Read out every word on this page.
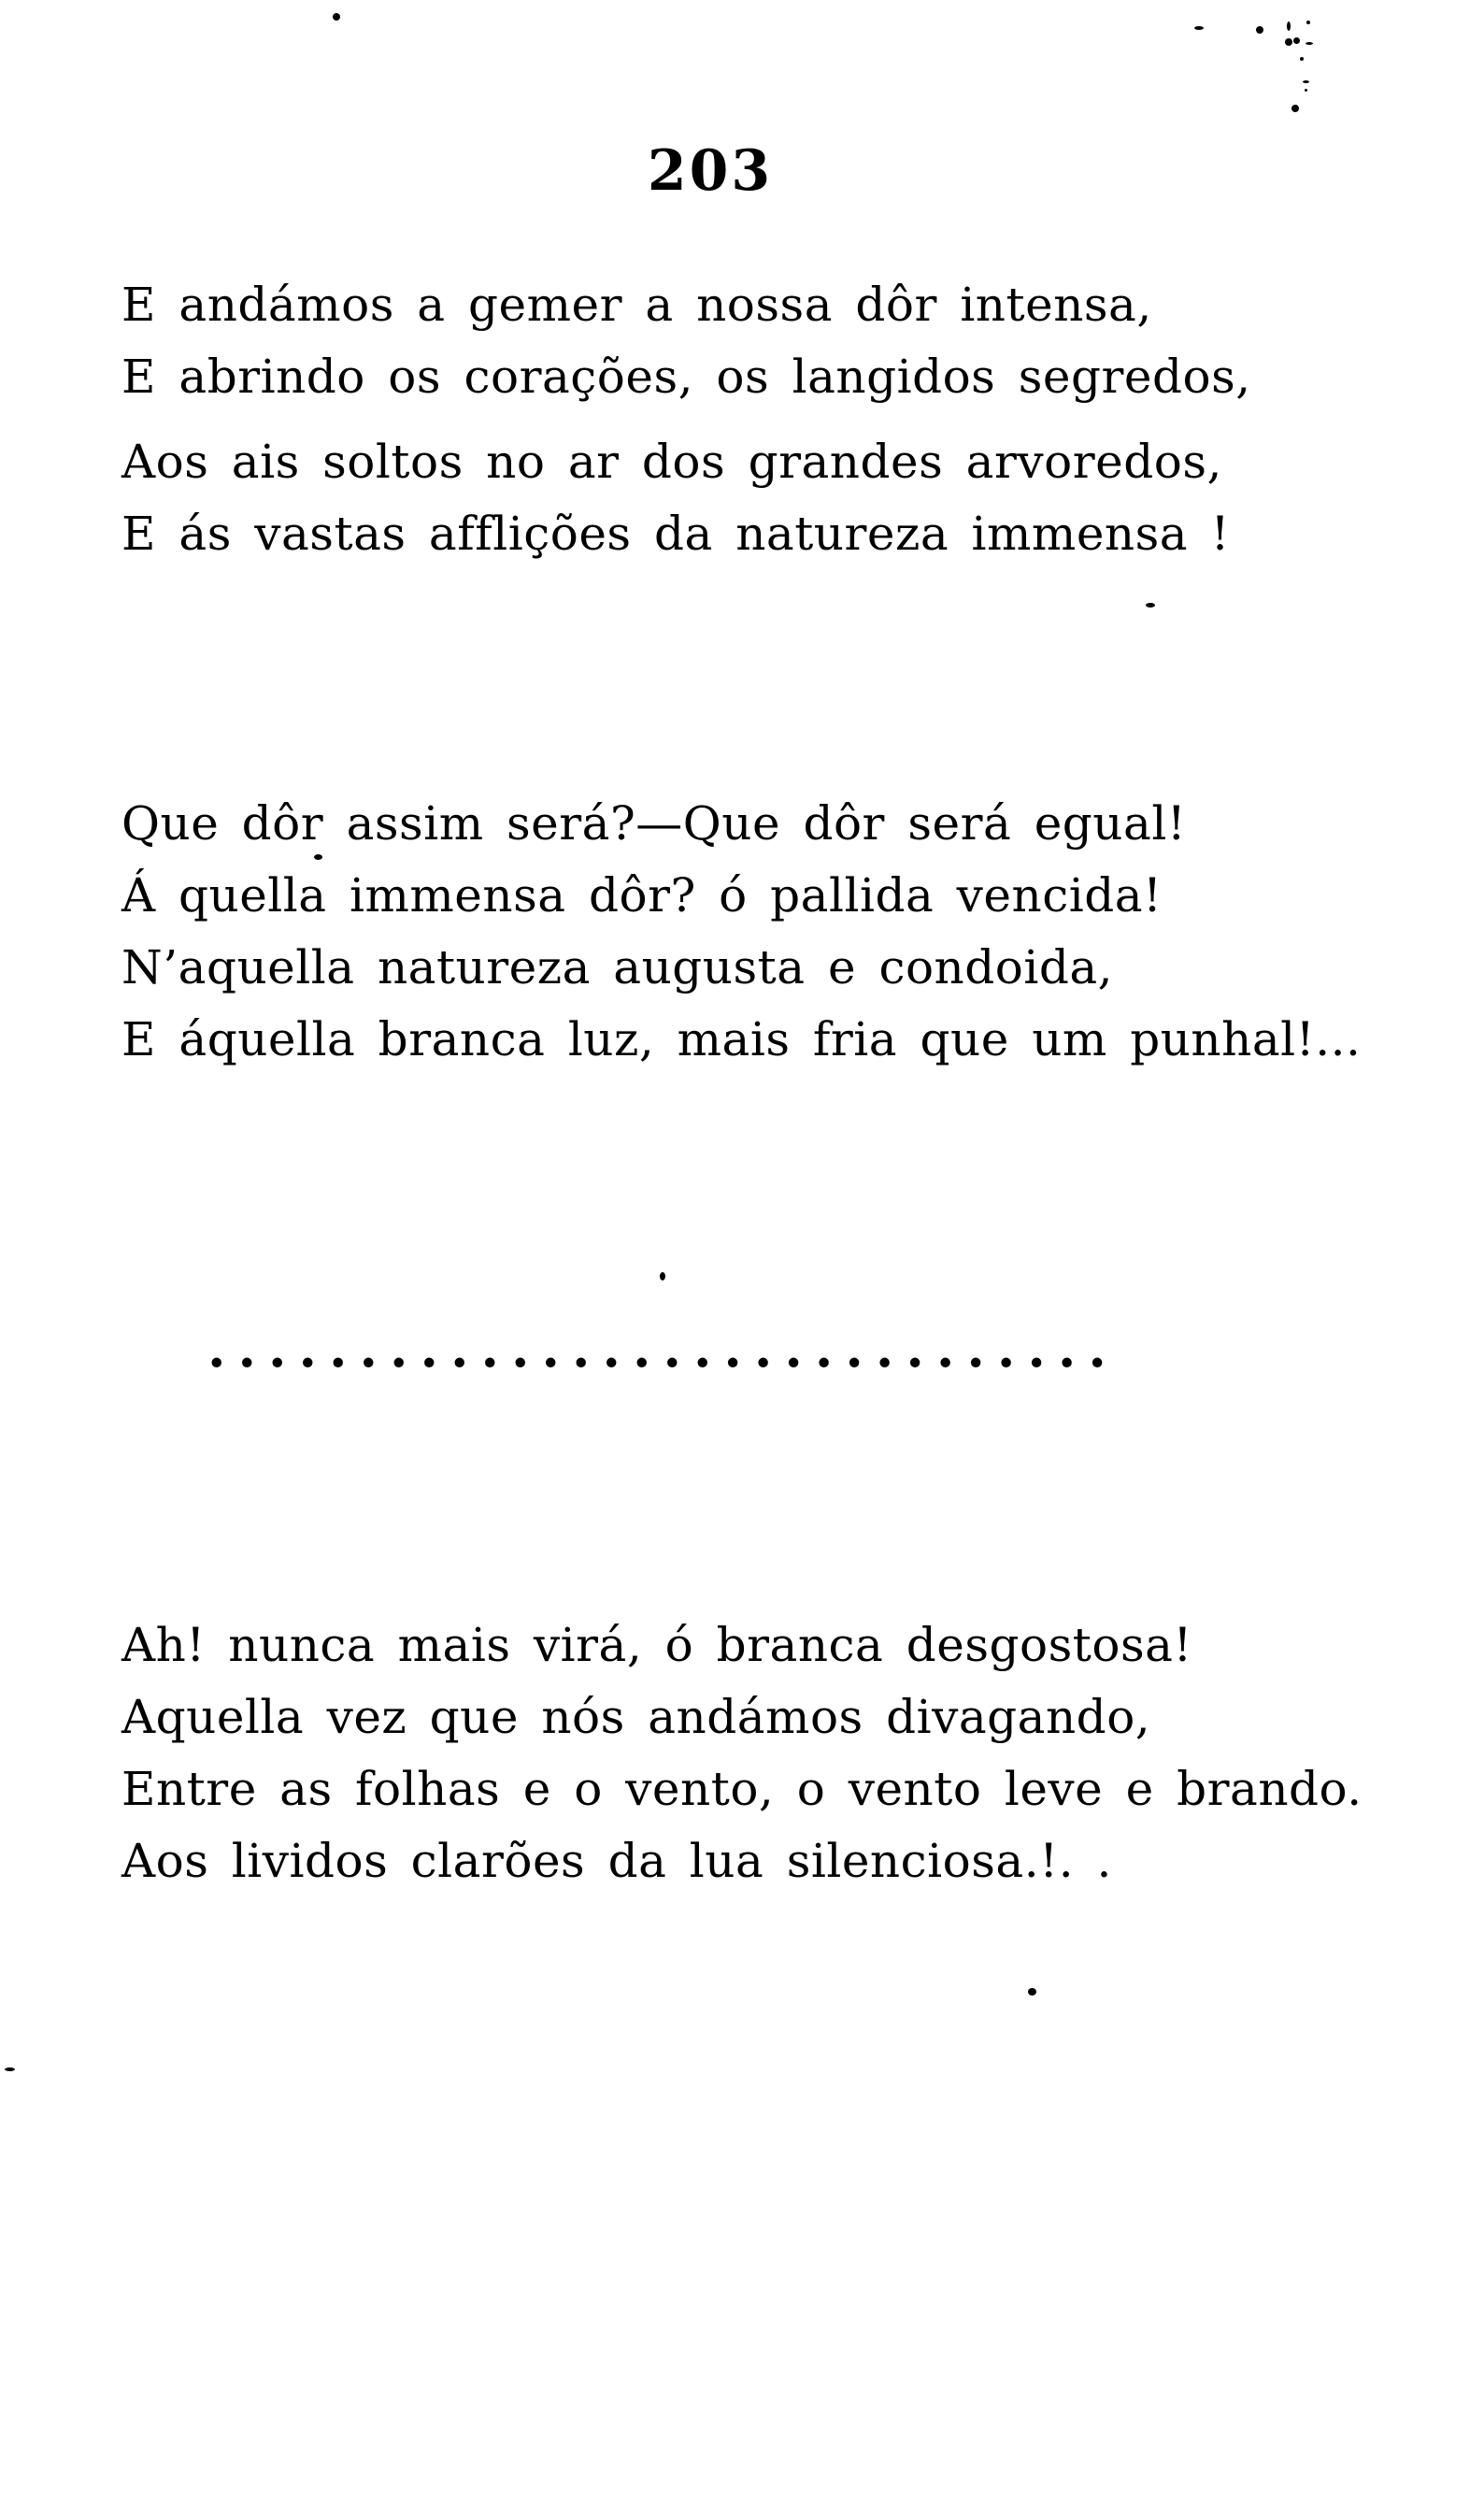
203
E andámos a gemer a nossa dôr intensa,
E abrindo os corações, os langidos segredos,
Aos ais soltos no ar dos grandes arvoredos,
E ás vastas afflições da natureza immensa !
Que dôr assim será?—Que dôr será egual!
Á quella immensa dôr? ó pallida vencida!
N’aquella natureza augusta e condoida,
E áquella branca luz, mais fria que um punhal!...
..............................
Ah! nunca mais virá, ó branca desgostosa!
Aquella vez que nós andámos divagando,
Entre as folhas e o vento, o vento leve e brando.
Aos lividos clarões da lua silenciosa.!. .
